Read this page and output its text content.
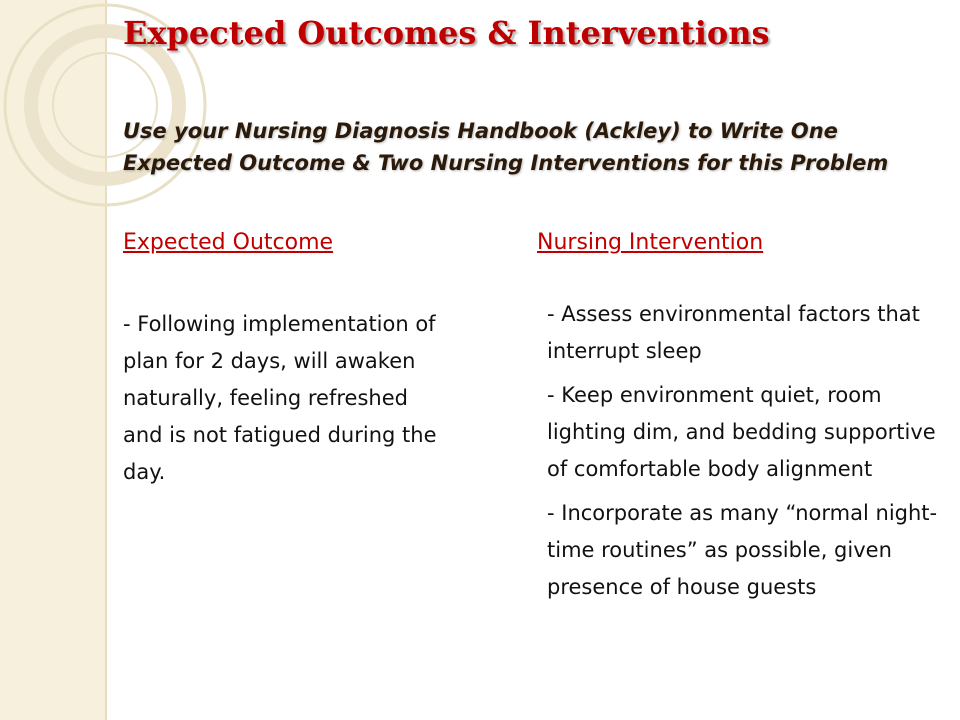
Expected Outcomes & Interventions

Use your Nursing Diagnosis Handbook (Ackley) to Write One
Expected Outcome & Two Nursing Interventions for this Problem

Expected Outcome	Nursing Intervention

- Following implementation of
plan for 2 days, will awaken
naturally, feeling refreshed
and is not fatigued during the
day.

- Assess environmental factors that interrupt sleep
- Keep environment quiet, room lighting dim, and bedding supportive of comfortable body alignment
- Incorporate as many “normal night-time routines” as possible, given presence of house guests
